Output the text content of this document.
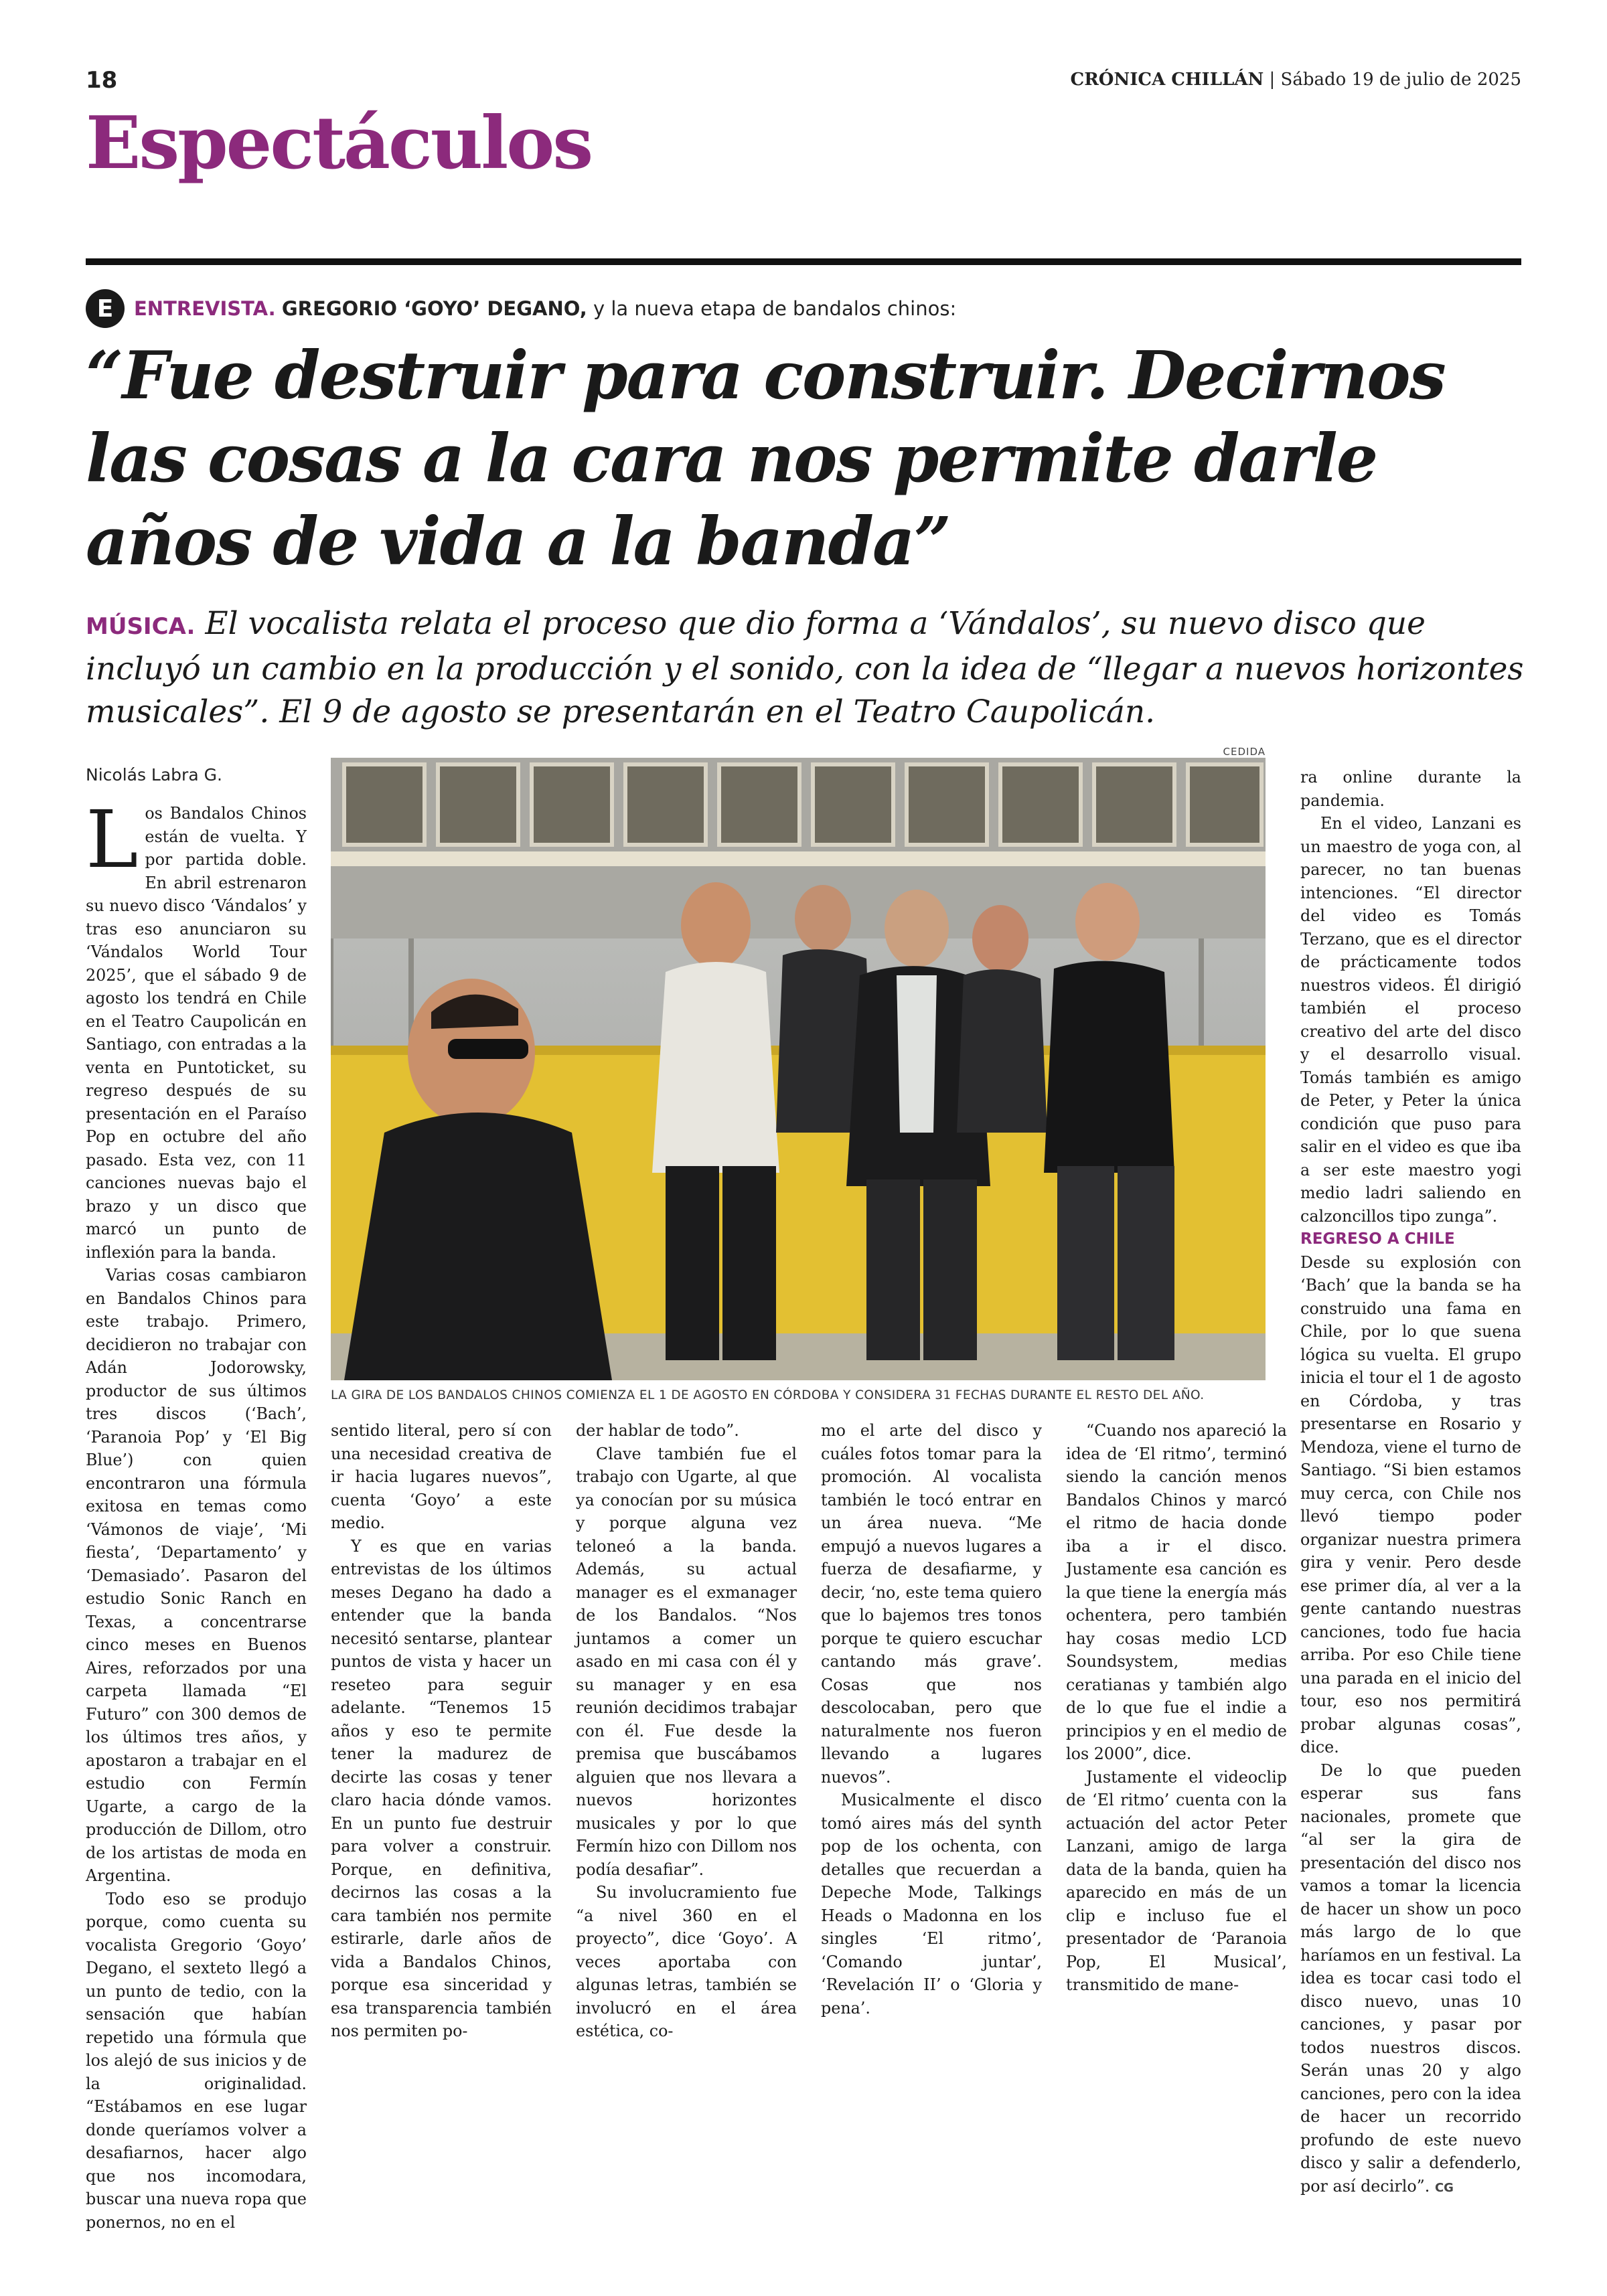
18	CRÓNICA CHILLÁN | Sábado 19 de julio de 2025
Espectáculos
E	ENTREVISTA. GREGORIO ‘GOYO’ DEGANO, y la nueva etapa de bandalos chinos:
“Fue destruir para construir. Decirnos las cosas a la cara nos permite darle años de vida a la banda”
MÚSICA. El vocalista relata el proceso que dio forma a ‘Vándalos’, su nuevo disco que incluyó un cambio en la producción y el sonido, con la idea de “llegar a nuevos horizontes musicales”. El 9 de agosto se presentarán en el Teatro Caupolicán.
Nicolás Labra G.

Los Bandalos Chinos están de vuelta. Y por partida doble. En abril estrenaron su nuevo disco ‘Vándalos’ y tras eso anunciaron su ‘Vándalos World Tour 2025’, que el sábado 9 de agosto los tendrá en Chile en el Teatro Caupolicán en Santiago, con entradas a la venta en Puntoticket, su regreso después de su presentación en el Paraíso Pop en octubre del año pasado. Esta vez, con 11 canciones nuevas bajo el brazo y un disco que marcó un punto de inflexión para la banda.

Varias cosas cambiaron en Bandalos Chinos para este trabajo. Primero, decidieron no trabajar con Adán Jodorowsky, productor de sus últimos tres discos (‘Bach’, ‘Paranoia Pop’ y ‘El Big Blue’) con quien encontraron una fórmula exitosa en temas como ‘Vámonos de viaje’, ‘Mi fiesta’, ‘Departamento’ y ‘Demasiado’. Pasaron del estudio Sonic Ranch en Texas, a concentrarse cinco meses en Buenos Aires, reforzados por una carpeta llamada “El Futuro” con 300 demos de los últimos tres años, y apostaron a trabajar en el estudio con Fermín Ugarte, a cargo de la producción de Dillom, otro de los artistas de moda en Argentina.

Todo eso se produjo porque, como cuenta su vocalista Gregorio ‘Goyo’ Degano, el sexteto llegó a un punto de tedio, con la sensación que habían repetido una fórmula que los alejó de sus inicios y de la originalidad. “Estábamos en ese lugar donde queríamos volver a desafiarnos, hacer algo que nos incomodara, buscar una nueva ropa que ponernos, no en el

CEDIDA
LA GIRA DE LOS BANDALOS CHINOS COMIENZA EL 1 DE AGOSTO EN CÓRDOBA Y CONSIDERA 31 FECHAS DURANTE EL RESTO DEL AÑO.

sentido literal, pero sí con una necesidad creativa de ir hacia lugares nuevos”, cuenta ‘Goyo’ a este medio.

Y es que en varias entrevistas de los últimos meses Degano ha dado a entender que la banda necesitó sentarse, plantear puntos de vista y hacer un reseteo para seguir adelante. “Tenemos 15 años y eso te permite tener la madurez de decirte las cosas y tener claro hacia dónde vamos. En un punto fue destruir para volver a construir. Porque, en definitiva, decirnos las cosas a la cara también nos permite estirarle, darle años de vida a Bandalos Chinos, porque esa sinceridad y esa transparencia también nos permiten po-

der hablar de todo”.

Clave también fue el trabajo con Ugarte, al que ya conocían por su música y porque alguna vez teloneó a la banda. Además, su actual manager es el exmanager de los Bandalos. “Nos juntamos a comer un asado en mi casa con él y su manager y en esa reunión decidimos trabajar con él. Fue desde la premisa que buscábamos alguien que nos llevara a nuevos horizontes musicales y por lo que Fermín hizo con Dillom nos podía desafiar”.

Su involucramiento fue “a nivel 360 en el proyecto”, dice ‘Goyo’. A veces aportaba con algunas letras, también se involucró en el área estética, co-

mo el arte del disco y cuáles fotos tomar para la promoción. Al vocalista también le tocó entrar en un área nueva. “Me empujó a nuevos lugares a fuerza de desafiarme, y decir, ‘no, este tema quiero que lo bajemos tres tonos porque te quiero escuchar cantando más grave’. Cosas que nos descolocaban, pero que naturalmente nos fueron llevando a lugares nuevos”.

Musicalmente el disco tomó aires más del synth pop de los ochenta, con detalles que recuerdan a Depeche Mode, Talkings Heads o Madonna en los singles ‘El ritmo’, ‘Comando juntar’, ‘Revelación II’ o ‘Gloria y pena’.

“Cuando nos apareció la idea de ‘El ritmo’, terminó siendo la canción menos Bandalos Chinos y marcó el ritmo de hacia donde iba a ir el disco. Justamente esa canción es la que tiene la energía más ochentera, pero también hay cosas medio LCD Soundsystem, medias ceratianas y también algo de lo que fue el indie a principios y en el medio de los 2000”, dice.

Justamente el videoclip de ‘El ritmo’ cuenta con la actuación del actor Peter Lanzani, amigo de larga data de la banda, quien ha aparecido en más de un clip e incluso fue el presentador de ‘Paranoia Pop, El Musical’, transmitido de mane-

ra online durante la pandemia.

En el video, Lanzani es un maestro de yoga con, al parecer, no tan buenas intenciones. “El director del video es Tomás Terzano, que es el director de prácticamente todos nuestros videos. Él dirigió también el proceso creativo del arte del disco y el desarrollo visual. Tomás también es amigo de Peter, y Peter la única condición que puso para salir en el video es que iba a ser este maestro yogi medio ladri saliendo en calzoncillos tipo zunga”.

REGRESO A CHILE

Desde su explosión con ‘Bach’ que la banda se ha construido una fama en Chile, por lo que suena lógica su vuelta. El grupo inicia el tour el 1 de agosto en Córdoba, y tras presentarse en Rosario y Mendoza, viene el turno de Santiago. “Si bien estamos muy cerca, con Chile nos llevó tiempo poder organizar nuestra primera gira y venir. Pero desde ese primer día, al ver a la gente cantando nuestras canciones, todo fue hacia arriba. Por eso Chile tiene una parada en el inicio del tour, eso nos permitirá probar algunas cosas”, dice.

De lo que pueden esperar sus fans nacionales, promete que “al ser la gira de presentación del disco nos vamos a tomar la licencia de hacer un show un poco más largo de lo que haríamos en un festival. La idea es tocar casi todo el disco nuevo, unas 10 canciones, y pasar por todos nuestros discos. Serán unas 20 y algo canciones, pero con la idea de hacer un recorrido profundo de este nuevo disco y salir a defenderlo, por así decirlo”. CG
